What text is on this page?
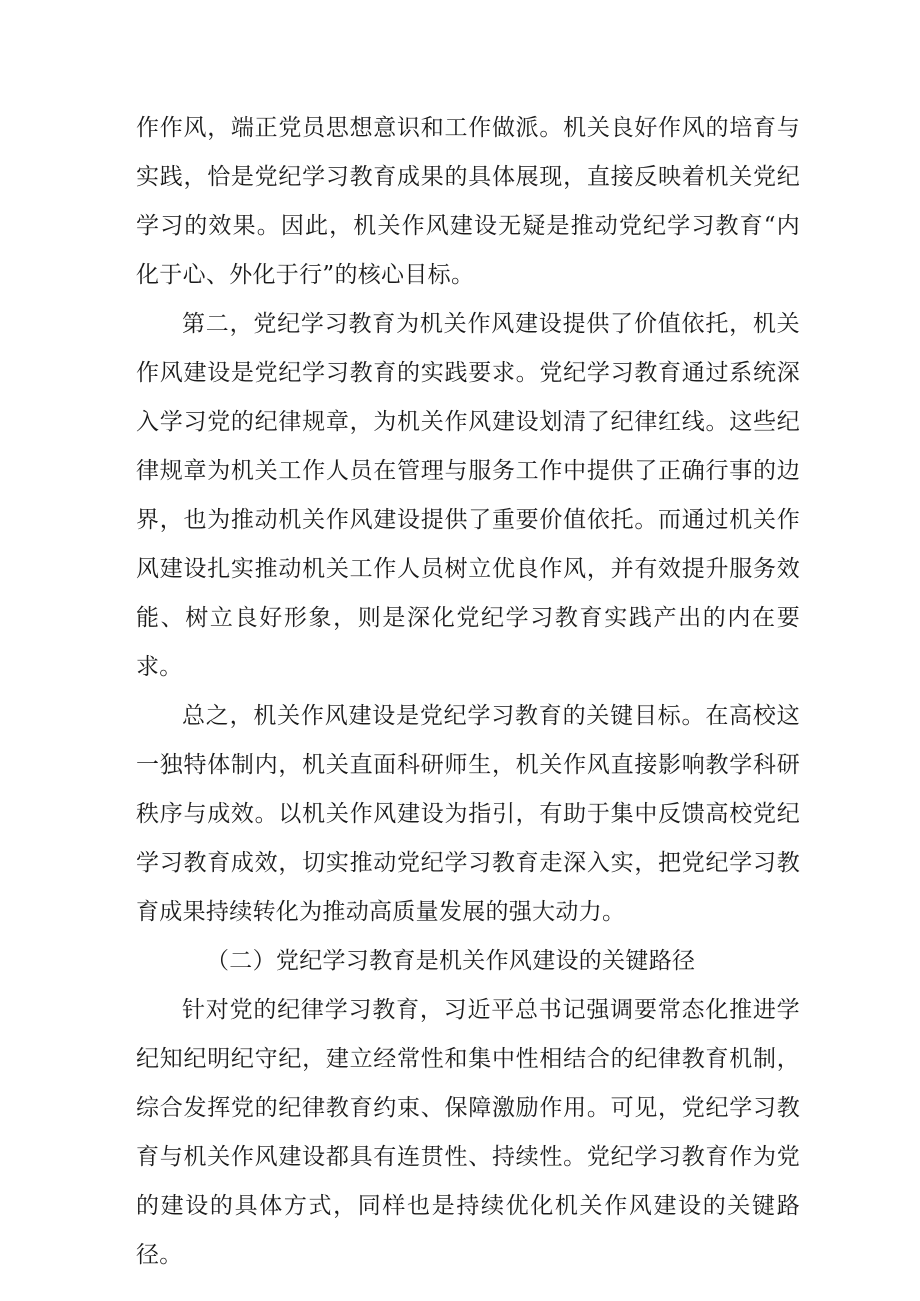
作作风，端正党员思想意识和工作做派。机关良好作风的培育与实践，恰是党纪学习教育成果的具体展现，直接反映着机关党纪学习的效果。因此，机关作风建设无疑是推动党纪学习教育“内化于心、外化于行”的核心目标。

第二，党纪学习教育为机关作风建设提供了价值依托，机关作风建设是党纪学习教育的实践要求。党纪学习教育通过系统深入学习党的纪律规章，为机关作风建设划清了纪律红线。这些纪律规章为机关工作人员在管理与服务工作中提供了正确行事的边界，也为推动机关作风建设提供了重要价值依托。而通过机关作风建设扎实推动机关工作人员树立优良作风，并有效提升服务效能、树立良好形象，则是深化党纪学习教育实践产出的内在要求。

总之，机关作风建设是党纪学习教育的关键目标。在高校这一独特体制内，机关直面科研师生，机关作风直接影响教学科研秩序与成效。以机关作风建设为指引，有助于集中反馈高校党纪学习教育成效，切实推动党纪学习教育走深入实，把党纪学习教育成果持续转化为推动高质量发展的强大动力。

（二）党纪学习教育是机关作风建设的关键路径

针对党的纪律学习教育，习近平总书记强调要常态化推进学纪知纪明纪守纪，建立经常性和集中性相结合的纪律教育机制，综合发挥党的纪律教育约束、保障激励作用。可见，党纪学习教育与机关作风建设都具有连贯性、持续性。党纪学习教育作为党的建设的具体方式，同样也是持续优化机关作风建设的关键路径。
